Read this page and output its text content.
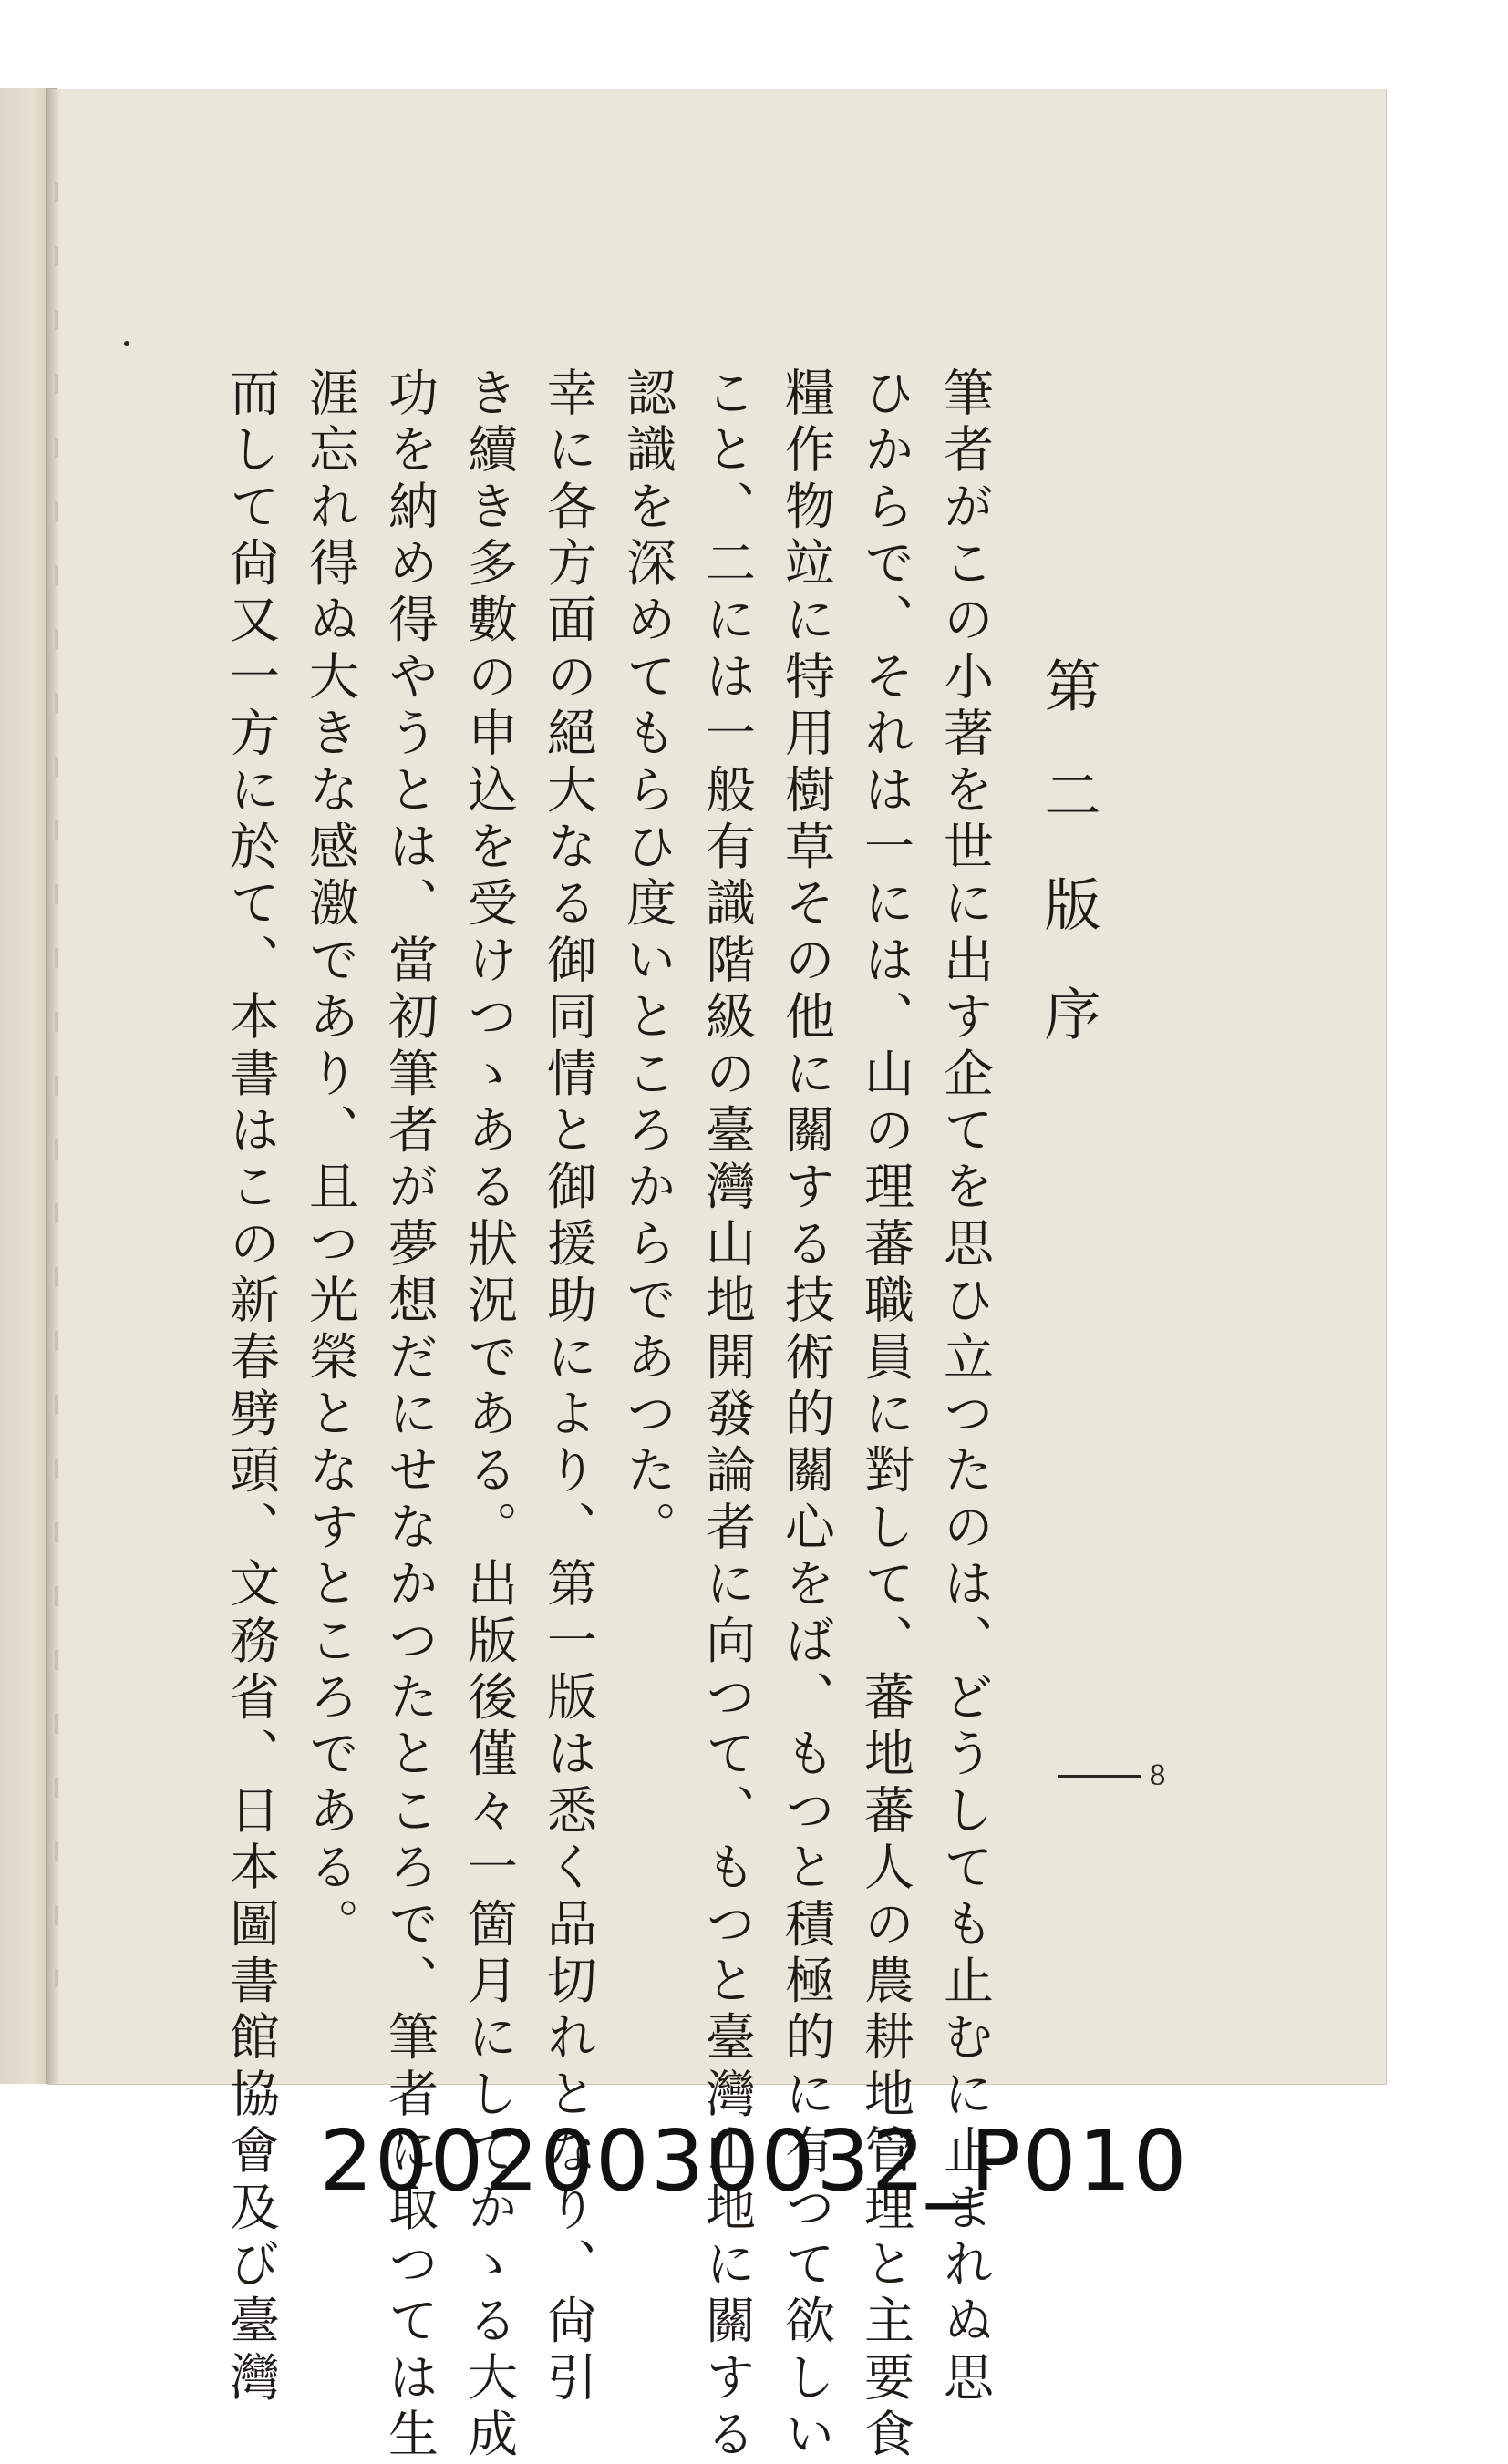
第二版序
筆者がこの小著を世に出す企てを思ひ立つたのは、どうしても止むに止まれぬ思
ひからで、それは一には、山の理蕃職員に對して、蕃地蕃人の農耕地管理と主要食
糧作物竝に特用樹草その他に關する技術的關心をば、もつと積極的に有つて欲しい
こと、二には一般有識階級の臺灣山地開發論者に向つて、もつと臺灣山地に關する
認識を深めてもらひ度いところからであつた。
幸に各方面の絕大なる御同情と御援助により、第一版は悉く品切れとなり、尙引
き續き多數の申込を受けつゝある狀況である。出版後僅々一箇月にしてかゝる大成
功を納め得やうとは、當初筆者が夢想だにせなかつたところで、筆者に取つては生
涯忘れ得ぬ大きな感激であり、且つ光榮となすところである。
而して尙又一方に於て、本書はこの新春劈頭、文務省、日本圖書館協會及び臺灣	8
20020030032_P010
